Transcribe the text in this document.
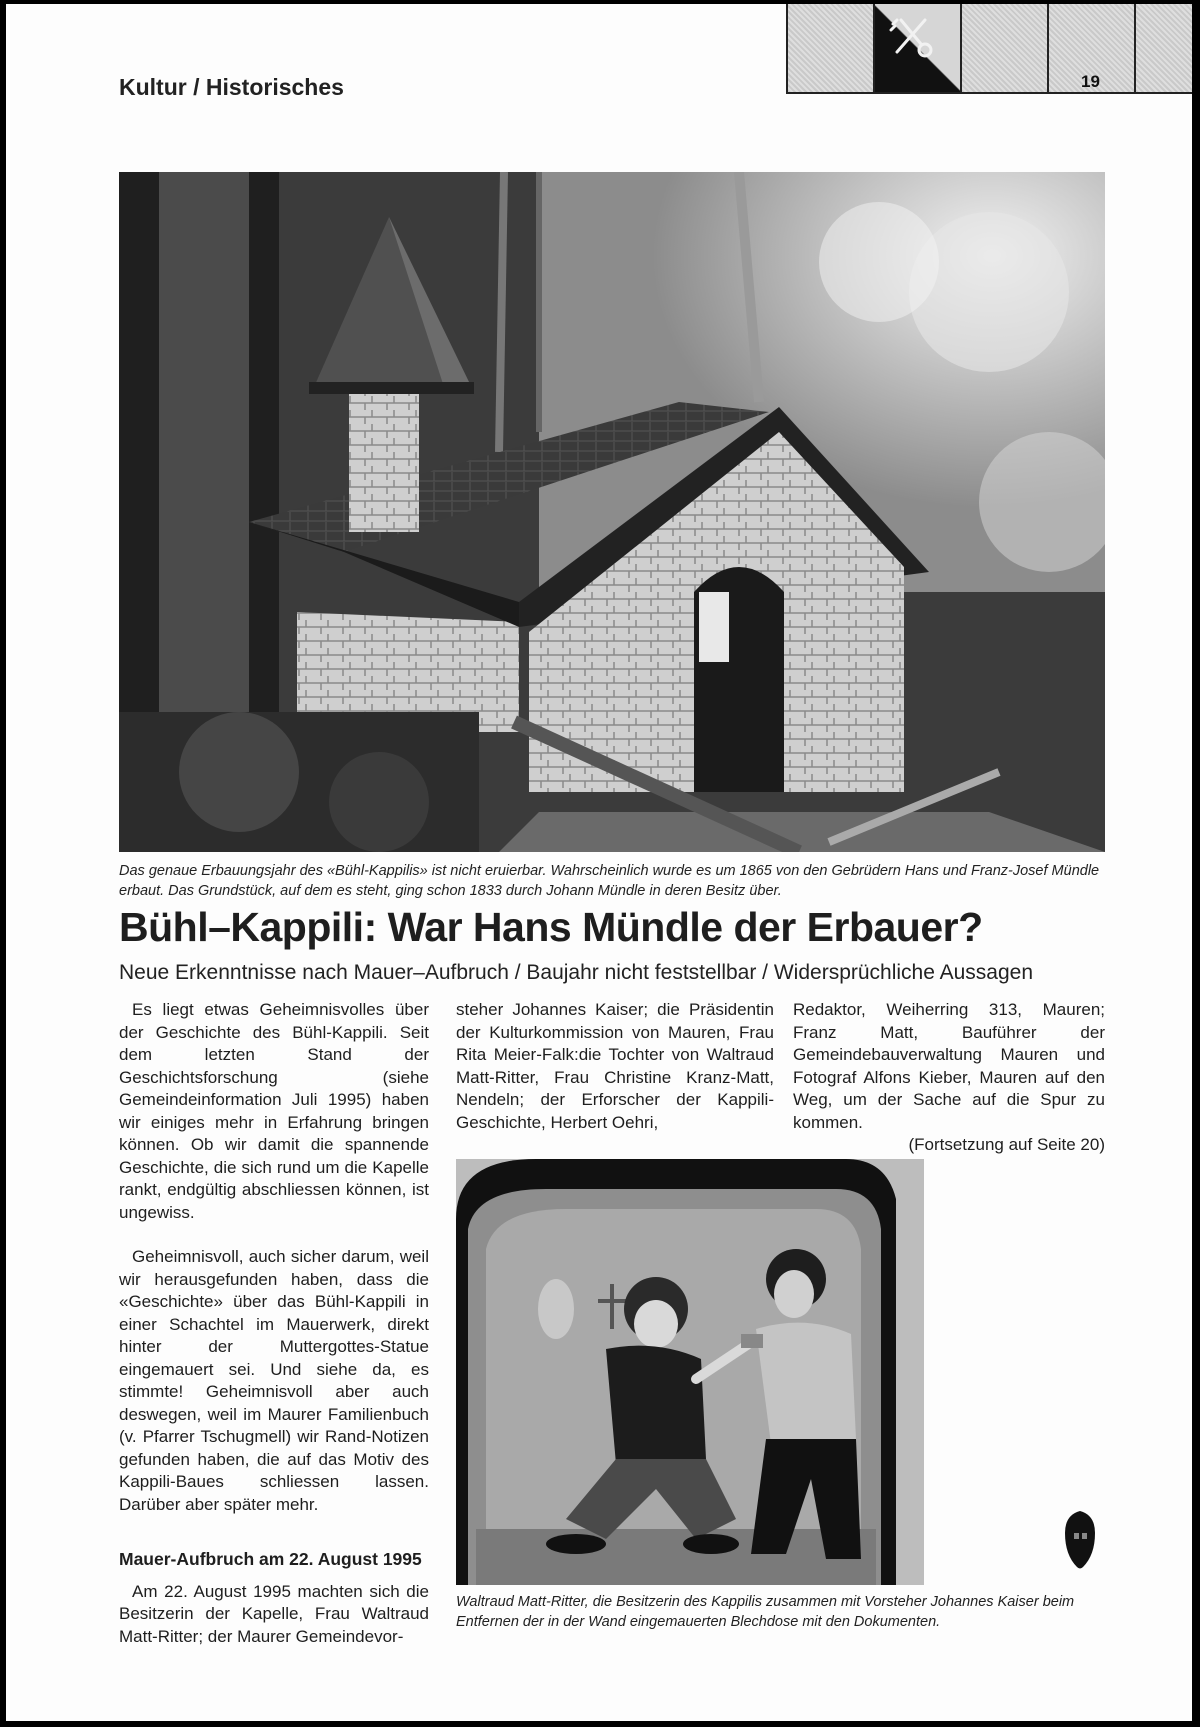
Kultur / Historisches	19
Das genaue Erbauungsjahr des «Bühl-Kappilis» ist nicht eruierbar. Wahrscheinlich wurde es um 1865 von den Gebrüdern Hans und Franz-Josef Mündle erbaut. Das Grundstück, auf dem es steht, ging schon 1833 durch Johann Mündle in deren Besitz über.
Bühl–Kappili: War Hans Mündle der Erbauer?
Neue Erkenntnisse nach Mauer–Aufbruch / Baujahr nicht feststellbar / Widersprüchliche Aussagen

Es liegt etwas Geheimnisvolles über der Geschichte des Bühl-Kappili. Seit dem letzten Stand der Geschichtsforschung (siehe Gemeindeinformation Juli 1995) haben wir einiges mehr in Erfahrung bringen können. Ob wir damit die spannende Geschichte, die sich rund um die Kapelle rankt, endgültig abschliessen können, ist ungewiss.

Geheimnisvoll, auch sicher darum, weil wir herausgefunden haben, dass die «Geschichte» über das Bühl-Kappili in einer Schachtel im Mauerwerk, direkt hinter der Muttergottes-Statue eingemauert sei. Und siehe da, es stimmte! Geheimnisvoll aber auch deswegen, weil im Maurer Familienbuch (v. Pfarrer Tschugmell) wir Rand-Notizen gefunden haben, die auf das Motiv des Kappili-Baues schliessen lassen. Darüber aber später mehr.

Mauer-Aufbruch am 22. August 1995

Am 22. August 1995 machten sich die Besitzerin der Kapelle, Frau Waltraud Matt-Ritter; der Maurer Gemeindevor-

steher Johannes Kaiser; die Präsidentin der Kulturkommission von Mauren, Frau Rita Meier-Falk:die Tochter von Waltraud Matt-Ritter, Frau Christine Kranz-Matt, Nendeln; der Erforscher der Kappili-Geschichte, Herbert Oehri,

Redaktor, Weiherring 313, Mauren; Franz Matt, Bauführer der Gemeindebauverwaltung Mauren und Fotograf Alfons Kieber, Mauren auf den Weg, um der Sache auf die Spur zu kommen.

(Fortsetzung auf Seite 20)

Waltraud Matt-Ritter, die Besitzerin des Kappilis zusammen mit Vorsteher Johannes Kaiser beim Entfernen der in der Wand eingemauerten Blechdose mit den Dokumenten.
